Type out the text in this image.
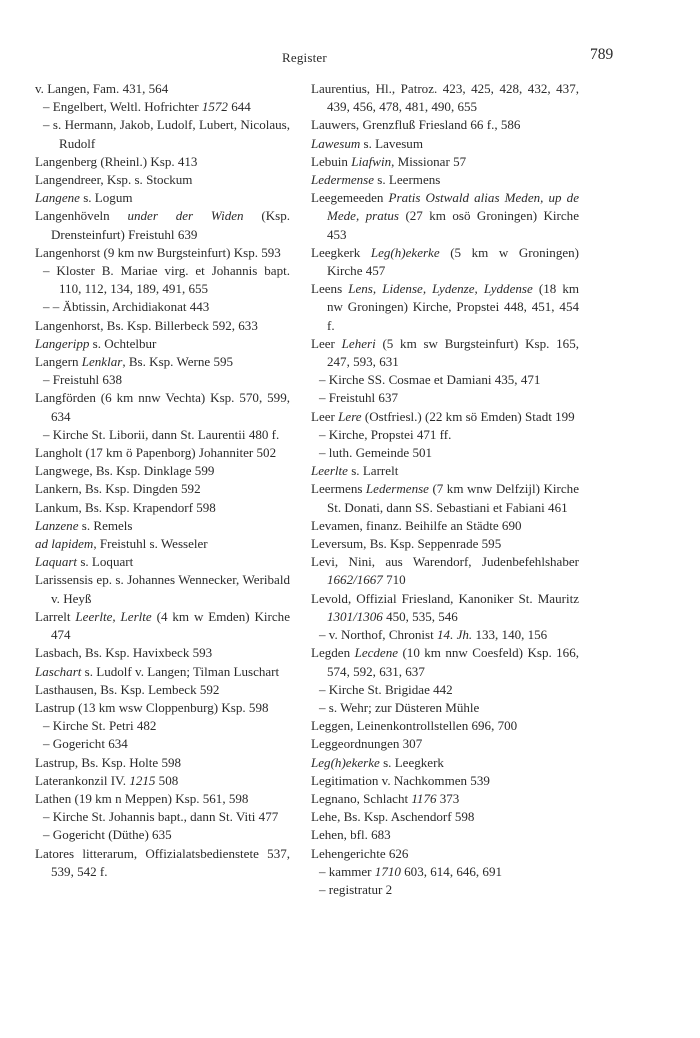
Register	789
v. Langen, Fam. 431, 564
– Engelbert, Weltl. Hofrichter 1572 644
– s. Hermann, Jakob, Ludolf, Lubert, Nicolaus, Rudolf
Langenberg (Rheinl.) Ksp. 413
Langendreer, Ksp. s. Stockum
Langene s. Logum
Langenhöveln under der Widen (Ksp. Drensteinfurt) Freistuhl 639
Langenhorst (9 km nw Burgsteinfurt) Ksp. 593
– Kloster B. Mariae virg. et Johannis bapt. 110, 112, 134, 189, 491, 655
– – Äbtissin, Archidiakonat 443
Langenhorst, Bs. Ksp. Billerbeck 592, 633
Langeripp s. Ochtelbur
Langern Lenklar, Bs. Ksp. Werne 595
– Freistuhl 638
Langförden (6 km nnw Vechta) Ksp. 570, 599, 634
– Kirche St. Liborii, dann St. Laurentii 480 f.
Langholt (17 km ö Papenborg) Johanniter 502
Langwege, Bs. Ksp. Dinklage 599
Lankern, Bs. Ksp. Dingden 592
Lankum, Bs. Ksp. Krapendorf 598
Lanzene s. Remels
ad lapidem, Freistuhl s. Wesseler
Laquart s. Loquart
Larissensis ep. s. Johannes Wennecker, Weribald v. Heyß
Larrelt Leerlte, Lerlte (4 km w Emden) Kirche 474
Lasbach, Bs. Ksp. Havixbeck 593
Laschart s. Ludolf v. Langen; Tilman Luschart
Lasthausen, Bs. Ksp. Lembeck 592
Lastrup (13 km wsw Cloppenburg) Ksp. 598
– Kirche St. Petri 482
– Gogericht 634
Lastrup, Bs. Ksp. Holte 598
Laterankonzil IV. 1215 508
Lathen (19 km n Meppen) Ksp. 561, 598
– Kirche St. Johannis bapt., dann St. Viti 477
– Gogericht (Düthe) 635
Latores litterarum, Offizialatsbedienstete 537, 539, 542 f.
Laurentius, Hl., Patroz. 423, 425, 428, 432, 437, 439, 456, 478, 481, 490, 655
Lauwers, Grenzfluß Friesland 66 f., 586
Lawesum s. Lavesum
Lebuin Liafwin, Missionar 57
Ledermense s. Leermens
Leegemeeden Pratis Ostwald alias Meden, up de Mede, pratus (27 km osö Groningen) Kirche 453
Leegkerk Leg(h)ekerke (5 km w Groningen) Kirche 457
Leens Lens, Lidense, Lydenze, Lyddense (18 km nw Groningen) Kirche, Propstei 448, 451, 454 f.
Leer Leheri (5 km sw Burgsteinfurt) Ksp. 165, 247, 593, 631
– Kirche SS. Cosmae et Damiani 435, 471
– Freistuhl 637
Leer Lere (Ostfriesl.) (22 km sö Emden) Stadt 199
– Kirche, Propstei 471 ff.
– luth. Gemeinde 501
Leerlte s. Larrelt
Leermens Ledermense (7 km wnw Delfzijl) Kirche St. Donati, dann SS. Sebastiani et Fabiani 461
Levamen, finanz. Beihilfe an Städte 690
Leversum, Bs. Ksp. Seppenrade 595
Levi, Nini, aus Warendorf, Judenbefehlshaber 1662/1667 710
Levold, Offizial Friesland, Kanoniker St. Mauritz 1301/1306 450, 535, 546
– v. Northof, Chronist 14. Jh. 133, 140, 156
Legden Lecdene (10 km nnw Coesfeld) Ksp. 166, 574, 592, 631, 637
– Kirche St. Brigidae 442
– s. Wehr; zur Düsteren Mühle
Leggen, Leinenkontrollstellen 696, 700
Leggeordnungen 307
Leg(h)ekerke s. Leegkerk
Legitimation v. Nachkommen 539
Legnano, Schlacht 1176 373
Lehe, Bs. Ksp. Aschendorf 598
Lehen, bfl. 683
Lehengerichte 626
– kammer 1710 603, 614, 646, 691
– registratur 2
